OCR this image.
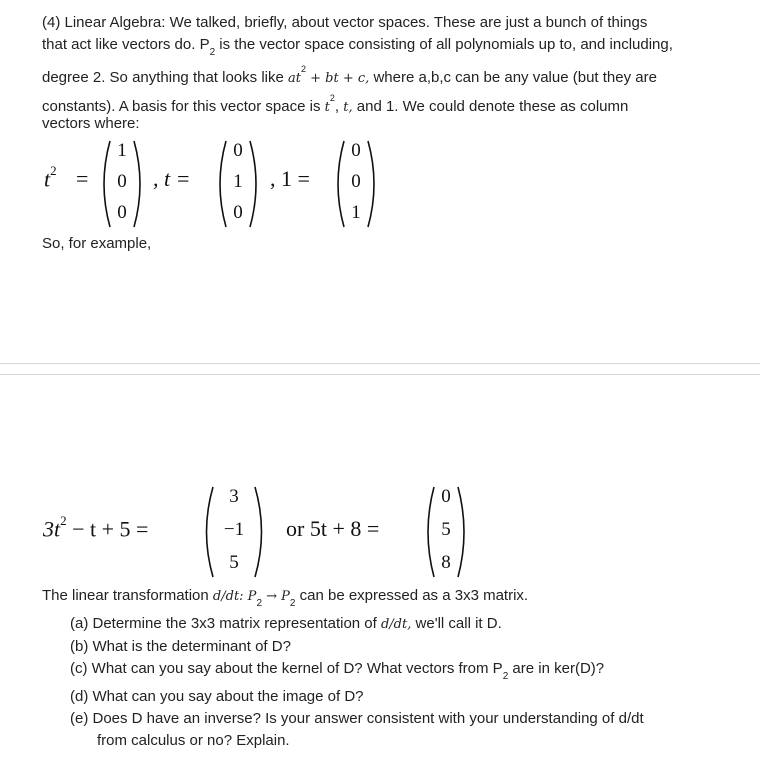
(4) Linear Algebra: We talked, briefly, about vector spaces. These are just a bunch of things
that act like vectors do. $P_2$ is the vector space consisting of all polynomials up to, and including,
degree 2. So anything that looks like $at^2$ + bt + c, where a,b,c can be any value (but they are
constants). A basis for this vector space is $t^2$, t, and 1. We could denote these as column
vectors where:
$t^2$ =
1
0
0
, t =
0
1
0
, 1 =
0
0
1
So, for example,
$3t^2 - t + 5$ =
3
−1
5
or 5t + 8 =
0
5
8
The linear transformation d/dt: $P_2 \to P_2$ can be expressed as a 3x3 matrix.
(a) Determine the 3x3 matrix representation of d/dt, we'll call it D.
(b) What is the determinant of D?
(c) What can you say about the kernel of D? What vectors from $P_2$ are in ker(D)?
(d) What can you say about the image of D?
(e) Does D have an inverse? Is your answer consistent with your understanding of d/dt
from calculus or no? Explain.
